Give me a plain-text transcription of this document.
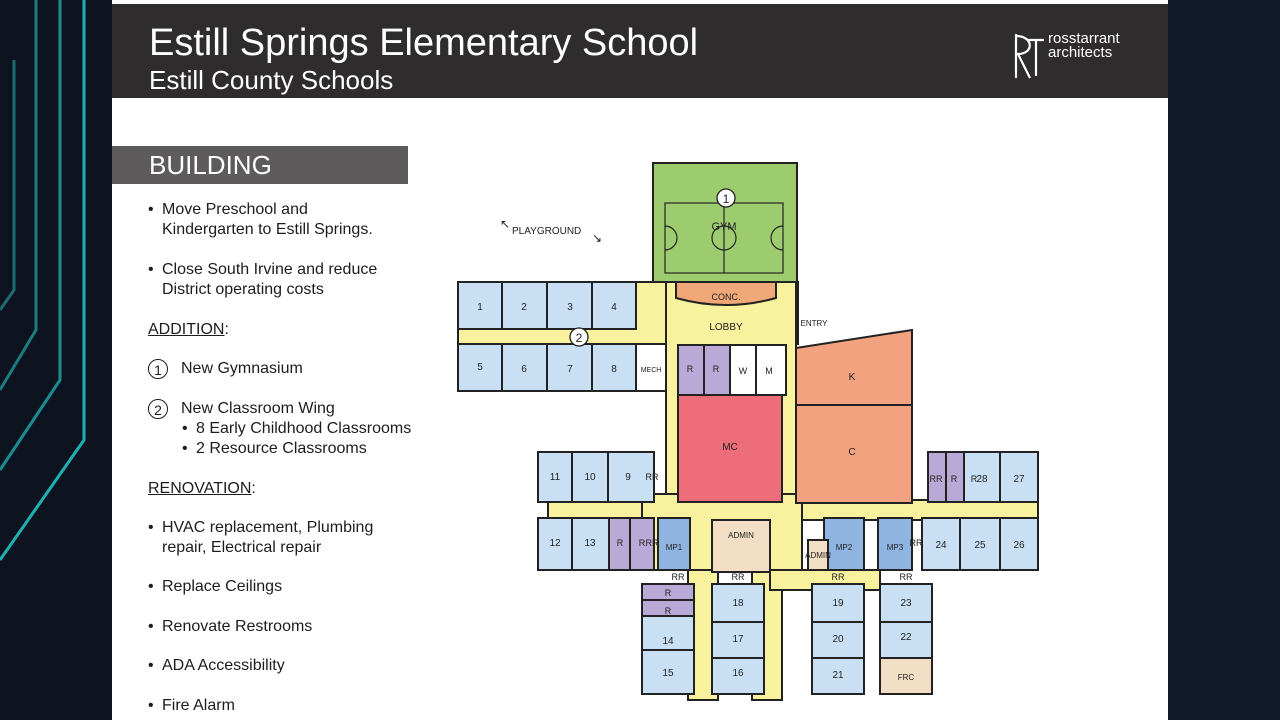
Estill Springs Elementary School
Estill County Schools
rosstarrant
architects
BUILDING
• Move Preschool and
Kindergarten to Estill Springs.
• Close South Irvine and reduce
District operating costs
ADDITION:
1	New Gymnasium
2	New Classroom Wing
• 8 Early Childhood Classrooms
• 2 Resource Classrooms
RENOVATION:
• HVAC replacement, Plumbing
repair, Electrical repair
• Replace Ceilings
• Renovate Restrooms
• ADA Accessibility
• Fire Alarm
1
GYM
PLAYGROUND
↖
↘
CONC.
LOBBY	ENTRY
MECH
2
MC
K
C
1	2	3	4
5	6	7	8
9
10
11
12 13
14
15	16
17
18	19
20
21
22
23
24	25	26
27
28
R R W M
R R
RR
RR MP1	MP2	MP3
ADMIN
ADMIN
RR R R
RR
RR	RR	RR	RR
R
R
FRC
